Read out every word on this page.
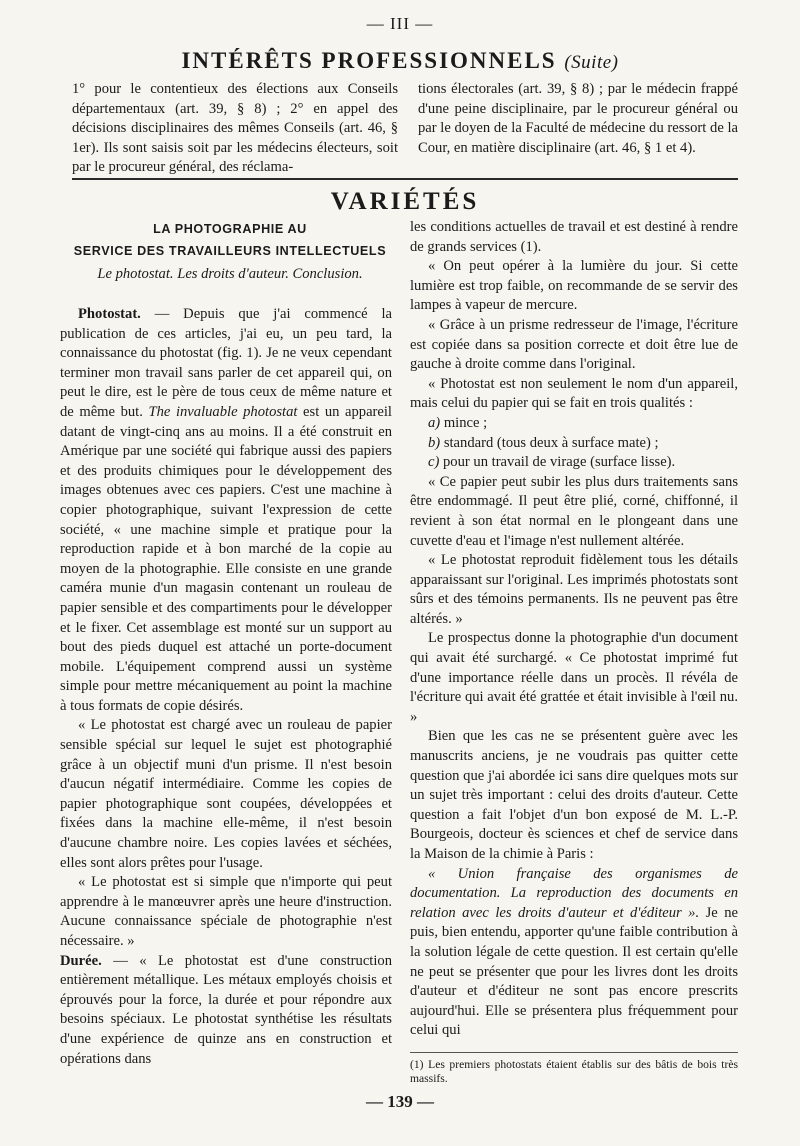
— III —
INTÉRÊTS PROFESSIONNELS (Suite)

1° pour le contentieux des élections aux Conseils départementaux (art. 39, § 8) ; 2° en appel des décisions disciplinaires des mêmes Conseils (art. 46, § 1er). Ils sont saisis soit par les médecins électeurs, soit par le procureur général, des réclama-

tions électorales (art. 39, § 8) ; par le médecin frappé d'une peine disciplinaire, par le procureur général ou par le doyen de la Faculté de médecine du ressort de la Cour, en matière disciplinaire (art. 46, § 1 et 4).

VARIÉTÉS
LA PHOTOGRAPHIE AU
SERVICE DES TRAVAILLEURS INTELLECTUELS
Le photostat. Les droits d'auteur. Conclusion.

Photostat. — Depuis que j'ai commencé la publication de ces articles, j'ai eu, un peu tard, la connaissance du photostat (fig. 1). Je ne veux cependant terminer mon travail sans parler de cet appareil qui, on peut le dire, est le père de tous ceux de même nature et de même but. The invaluable photostat est un appareil datant de vingt-cinq ans au moins. Il a été construit en Amérique par une société qui fabrique aussi des papiers et des produits chimiques pour le développement des images obtenues avec ces papiers. C'est une machine à copier photographique, suivant l'expression de cette société, « une machine simple et pratique pour la reproduction rapide et à bon marché de la copie au moyen de la photographie. Elle consiste en une grande caméra munie d'un magasin contenant un rouleau de papier sensible et des compartiments pour le développer et le fixer. Cet assemblage est monté sur un support au bout des pieds duquel est attaché un porte-document mobile. L'équipement comprend aussi un système simple pour mettre mécaniquement au point la machine à tous formats de copie désirés.

« Le photostat est chargé avec un rouleau de papier sensible spécial sur lequel le sujet est photographié grâce à un objectif muni d'un prisme. Il n'est besoin d'aucun négatif intermédiaire. Comme les copies de papier photographique sont coupées, développées et fixées dans la machine elle-même, il n'est besoin d'aucune chambre noire. Les copies lavées et séchées, elles sont alors prêtes pour l'usage.

« Le photostat est si simple que n'importe qui peut apprendre à le manœuvrer après une heure d'instruction. Aucune connaissance spéciale de photographie n'est nécessaire. »

Durée. — « Le photostat est d'une construction entièrement métallique. Les métaux employés choisis et éprouvés pour la force, la durée et pour répondre aux besoins spéciaux. Le photostat synthétise les résultats d'une expérience de quinze ans en construction et opérations dans

les conditions actuelles de travail et est destiné à rendre de grands services (1).

« On peut opérer à la lumière du jour. Si cette lumière est trop faible, on recommande de se servir des lampes à vapeur de mercure.

« Grâce à un prisme redresseur de l'image, l'écriture est copiée dans sa position correcte et doit être lue de gauche à droite comme dans l'original.

« Photostat est non seulement le nom d'un appareil, mais celui du papier qui se fait en trois qualités :

a) mince ;

b) standard (tous deux à surface mate) ;

c) pour un travail de virage (surface lisse).

« Ce papier peut subir les plus durs traitements sans être endommagé. Il peut être plié, corné, chiffonné, il revient à son état normal en le plongeant dans une cuvette d'eau et l'image n'est nullement altérée.

« Le photostat reproduit fidèlement tous les détails apparaissant sur l'original. Les imprimés photostats sont sûrs et des témoins permanents. Ils ne peuvent pas être altérés. »

Le prospectus donne la photographie d'un document qui avait été surchargé. « Ce photostat imprimé fut d'une importance réelle dans un procès. Il révéla de l'écriture qui avait été grattée et était invisible à l'œil nu. »

Bien que les cas ne se présentent guère avec les manuscrits anciens, je ne voudrais pas quitter cette question que j'ai abordée ici sans dire quelques mots sur un sujet très important : celui des droits d'auteur. Cette question a fait l'objet d'un bon exposé de M. L.-P. Bourgeois, docteur ès sciences et chef de service dans la Maison de la chimie à Paris :

« Union française des organismes de documentation. La reproduction des documents en relation avec les droits d'auteur et d'éditeur ». Je ne puis, bien entendu, apporter qu'une faible contribution à la solution légale de cette question. Il est certain qu'elle ne peut se présenter que pour les livres dont les droits d'auteur et d'éditeur ne sont pas encore prescrits aujourd'hui. Elle se présentera plus fréquemment pour celui qui

(1) Les premiers photostats étaient établis sur des bâtis de bois très massifs.
— 139 —
